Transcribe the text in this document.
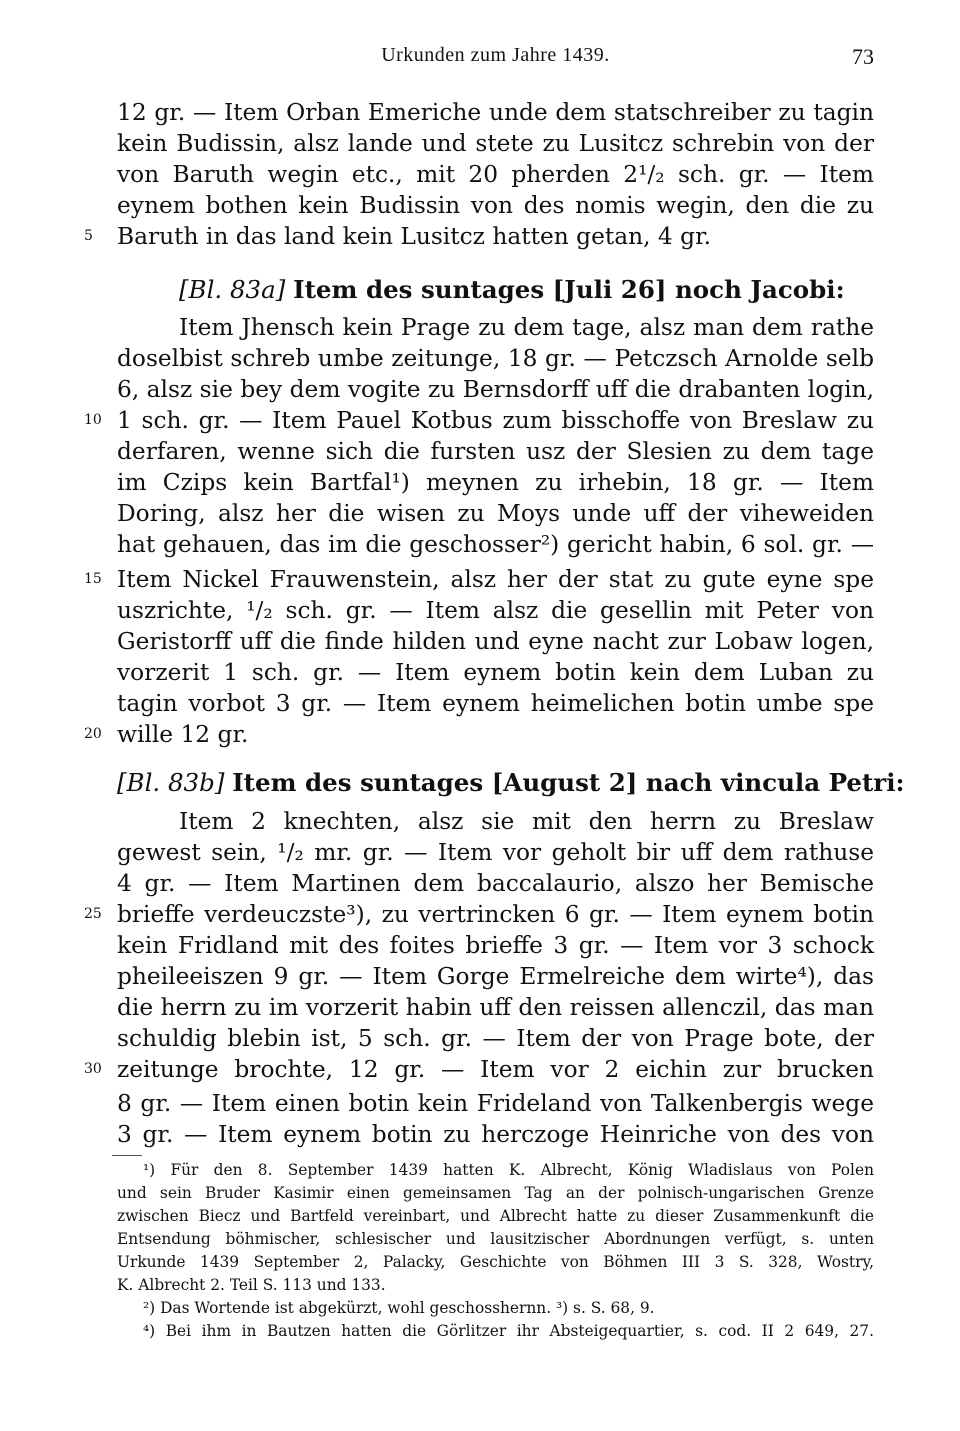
Urkunden zum Jahre 1439.	73
12 gr. — Item Orban Emeriche unde dem statschreiber zu tagin
kein Budissin, alsz lande und stete zu Lusitcz schrebin von der
von Baruth wegin etc., mit 20 pherden 2¹/₂ sch. gr. — Item
eynem bothen kein Budissin von des nomis wegin, den die zu
Baruth in das land kein Lusitcz hatten getan, 4 gr.
[Bl. 83a] Item des suntages [Juli 26] noch Jacobi:
Item Jhensch kein Prage zu dem tage, alsz man dem rathe
doselbist schreb umbe zeitunge, 18 gr. — Petczsch Arnolde selb
6, alsz sie bey dem vogite zu Bernsdorff uff die drabanten login,
1 sch. gr. — Item Pauel Kotbus zum bisschoffe von Breslaw zu
derfaren, wenne sich die fursten usz der Slesien zu dem tage
im Czips kein Bartfal¹) meynen zu irhebin, 18 gr. — Item
Doring, alsz her die wisen zu Moys unde uff der viheweiden
hat gehauen, das im die geschosser²) gericht habin, 6 sol. gr. —
Item Nickel Frauwenstein, alsz her der stat zu gute eyne spe
uszrichte, ¹/₂ sch. gr. — Item alsz die gesellin mit Peter von
Geristorff uff die finde hilden und eyne nacht zur Lobaw logen,
vorzerit 1 sch. gr. — Item eynem botin kein dem Luban zu
tagin vorbot 3 gr. — Item eynem heimelichen botin umbe spe
wille 12 gr.
[Bl. 83b] Item des suntages [August 2] nach vincula Petri:
Item 2 knechten, alsz sie mit den herrn zu Breslaw
gewest sein, ¹/₂ mr. gr. — Item vor geholt bir uff dem rathuse
4 gr. — Item Martinen dem baccalaurio, alszo her Bemische
brieffe verdeuczste³), zu vertrincken 6 gr. — Item eynem botin
kein Fridland mit des foites brieffe 3 gr. — Item vor 3 schock
pheileeiszen 9 gr. — Item Gorge Ermelreiche dem wirte⁴), das
die herrn zu im vorzerit habin uff den reissen allenczil, das man
schuldig blebin ist, 5 sch. gr. — Item der von Prage bote, der
zeitunge brochte, 12 gr. — Item vor 2 eichin zur brucken
8 gr. — Item einen botin kein Frideland von Talkenbergis wege
3 gr. — Item eynem botin zu herczoge Heinriche von des von
5
10
15
20
25
30
¹) Für den 8. September 1439 hatten K. Albrecht, König Wladislaus von Polen
und sein Bruder Kasimir einen gemeinsamen Tag an der polnisch-ungarischen Grenze
zwischen Biecz und Bartfeld vereinbart, und Albrecht hatte zu dieser Zusammenkunft die
Entsendung böhmischer, schlesischer und lausitzischer Abordnungen verfügt, s. unten
Urkunde 1439 September 2, Palacky, Geschichte von Böhmen III 3 S. 328, Wostry,
K. Albrecht 2. Teil S. 113 und 133.
²) Das Wortende ist abgekürzt, wohl geschosshernn. ³) s. S. 68, 9.
⁴) Bei ihm in Bautzen hatten die Görlitzer ihr Absteigequartier, s. cod. II 2 649, 27.
